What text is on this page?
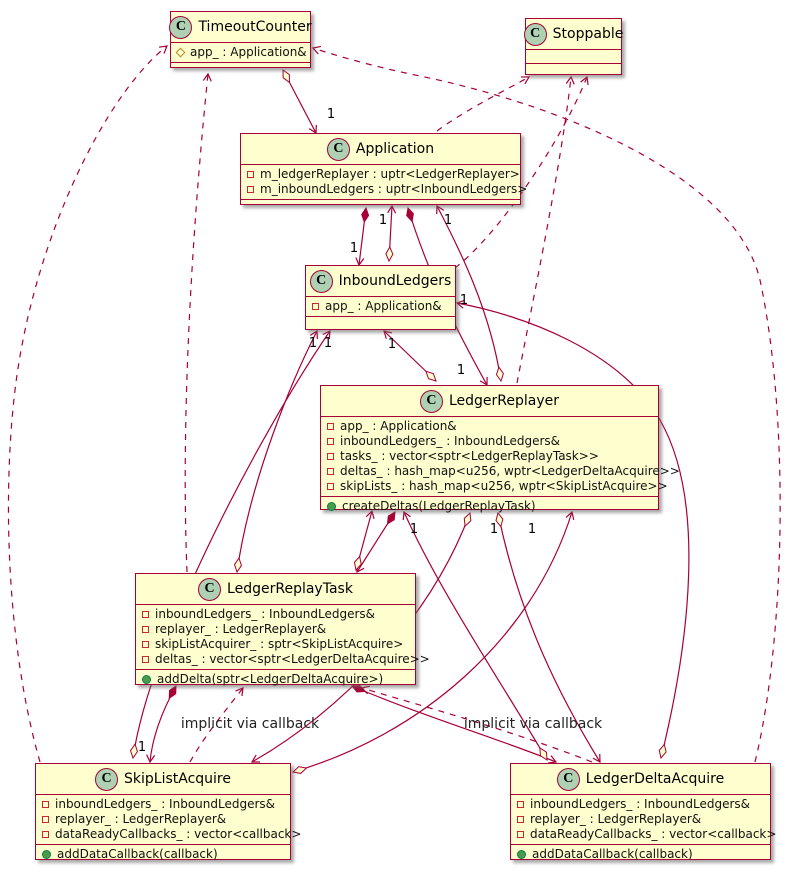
1
1
1
1
1
1
1 1
1
1	1 1
1
implicit via callback	implicit via callback
C TimeoutCounter
app_ : Application&
C Stoppable
C Application
m_ledgerReplayer : uptr<LedgerReplayer>
m_inboundLedgers : uptr<InboundLedgers>
C InboundLedgers
app_ : Application&
C LedgerReplayer
app_ : Application&
inboundLedgers_ : InboundLedgers&
tasks_ : vector<sptr<LedgerReplayTask>>
deltas_ : hash_map<u256, wptr<LedgerDeltaAcquire>>
skipLists_ : hash_map<u256, wptr<SkipListAcquire>>
createDeltas(LedgerReplayTask)
C LedgerReplayTask
inboundLedgers_ : InboundLedgers&
replayer_ : LedgerReplayer&
skipListAcquirer_ : sptr<SkipListAcquire>
deltas_ : vector<sptr<LedgerDeltaAcquire>>
addDelta(sptr<LedgerDeltaAcquire>)
C SkipListAcquire
inboundLedgers_ : InboundLedgers&
replayer_ : LedgerReplayer&
dataReadyCallbacks_ : vector<callback>
addDataCallback(callback)
C LedgerDeltaAcquire
inboundLedgers_ : InboundLedgers&
replayer_ : LedgerReplayer&
dataReadyCallbacks_ : vector<callback>
addDataCallback(callback)
